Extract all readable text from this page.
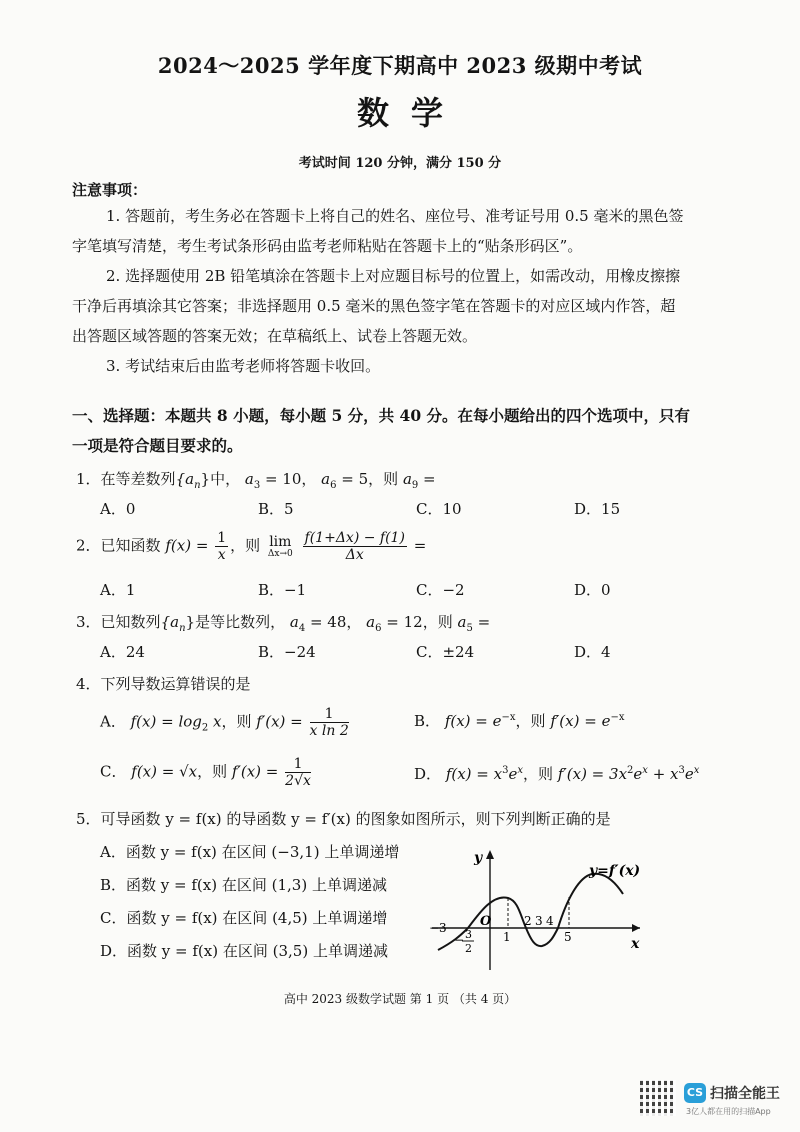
2024～2025 学年度下期高中 2023 级期中考试
数学
考试时间 120 分钟，满分 150 分
注意事项：
1. 答题前，考生务必在答题卡上将自己的姓名、座位号、准考证号用 0.5 毫米的黑色签字笔填写清楚，考生考试条形码由监考老师粘贴在答题卡上的“贴条形码区”。
2. 选择题使用 2B 铅笔填涂在答题卡上对应题目标号的位置上，如需改动，用橡皮擦擦干净后再填涂其它答案；非选择题用 0.5 毫米的黑色签字笔在答题卡的对应区域内作答，超出答题区域答题的答案无效；在草稿纸上、试卷上答题无效。
3. 考试结束后由监考老师将答题卡收回。
一、选择题：本题共 8 小题，每小题 5 分，共 40 分。在每小题给出的四个选项中，只有一项是符合题目要求的。
1．在等差数列$\{a_n\}$中， $a_3 = 10$， $a_6 = 5$，则 $a_9$ =
A．0	B．5	C．10	D．15
2．已知函数 $f(x) = \frac{1}{x}$ ，则 lim
Δx→0
$\frac{f(1+\Delta x) - f(1)}{\Delta x}$ =
A．1	B．−1	C．−2	D．0
3．已知数列$\{a_n\}$是等比数列， $a_4 = 48$， $a_6 = 12$，则 $a_5$ =
A．24	B．−24	C．±24	D．4
4．下列导数运算错误的是
A． $f(x) = \log_2 x$，则 $f'(x) = \frac{1}{\text{x ln 2}}$	B． $f(x) = e^{-x}$，则 $f'(x) = e^{-x}$
C． f(x) = √x，则 $f'(x) = \frac{1}{2√x}$	D． $f(x) = x^3e^x$，则 $f'(x) = 3x^2e^x + x^3e^x$
5．可导函数 y = f(x) 的导函数 y = f′(x) 的图象如图所示，则下列判断正确的是
A．函数 y = f(x) 在区间 (−3,1) 上单调递增
B．函数 y = f(x) 在区间 (1,3) 上单调递减
C．函数 y = f(x) 在区间 (4,5) 上单调递增
D．函数 y = f(x) 在区间 (3,5) 上单调递减
y
x
y=f′(x)
O
−3
1
2 3 4
5
− 3
2
高中 2023 级数学试题 第 1 页 （共 4 页）
CS 扫描全能王
3亿人都在用的扫描App
